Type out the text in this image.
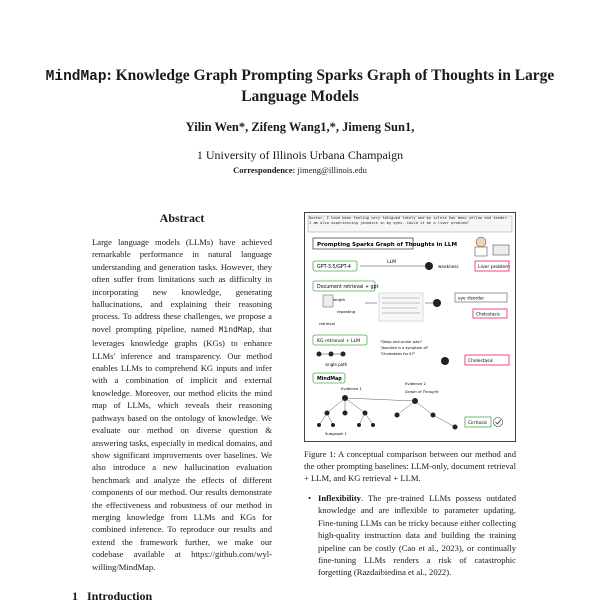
MindMap: Knowledge Graph Prompting Sparks Graph of Thoughts in Large Language Models
Yilin Wen*, Zifeng Wang1,*, Jimeng Sun1,
1 University of Illinois Urbana Champaign
Correspondence: jimeng@illinois.edu
Abstract
Large language models (LLMs) have achieved remarkable performance in natural language understanding and generation tasks. However, they often suffer from limitations such as difficulty in incorporating new knowledge, generating hallucinations, and explaining their reasoning process. To address these challenges, we propose a novel prompting pipeline, named MindMap, that leverages knowledge graphs (KGs) to enhance LLMs' inference and transparency. Our method enables LLMs to comprehend KG inputs and infer with a combination of implicit and external knowledge. Moreover, our method elicits the mind map of LLMs, which reveals their reasoning pathways based on the ontology of knowledge. We evaluate our method on diverse question & answering tasks, especially in medical domains, and show significant improvements over baselines. We also introduce a new hallucination evaluation benchmark and analyze the effects of different components of our method. Our results demonstrate the effectiveness and robustness of our method in merging knowledge from LLMs and KGs for combined inference. To reproduce our results and extend the framework further, we make our codebase available at https://github.com/wyl-willing/MindMap.
1 Introduction
Doctor, I have been feeling very fatigued lately and my sclera has been yellow and tender. I am also experiencing jaundice in my eyes. Could it be a liver problem?
Prompting Sparks Graph of Thoughts in LLM
GPT-3.5/GPT-4
LLM
weakness	Liver problem
Document retrieval + gpt
length
repeating
retrieval
eye disorder
Cholestasis
KG retrieval + LLM	"Sleep and ocular pain"
"Jaundice is a symptom of"
"Cholestasis for it?"
single path
Cholestasis
MindMap
Evidence 1
Evidence 2
Graph of Thought
Subgraph 1
Cirrhosis
Figure 1: A conceptual comparison between our method and the other prompting baselines: LLM-only, document retrieval + LLM, and KG retrieval + LLM.
• Inflexibility. The pre-trained LLMs possess outdated knowledge and are inflexible to parameter updating. Fine-tuning LLMs can be tricky because either collecting high-quality instruction data and building the training pipeline can be costly (Cao et al., 2023), or continually fine-tuning LLMs renders a risk of catastrophic forgetting (Razdaibiedina et al., 2022).
